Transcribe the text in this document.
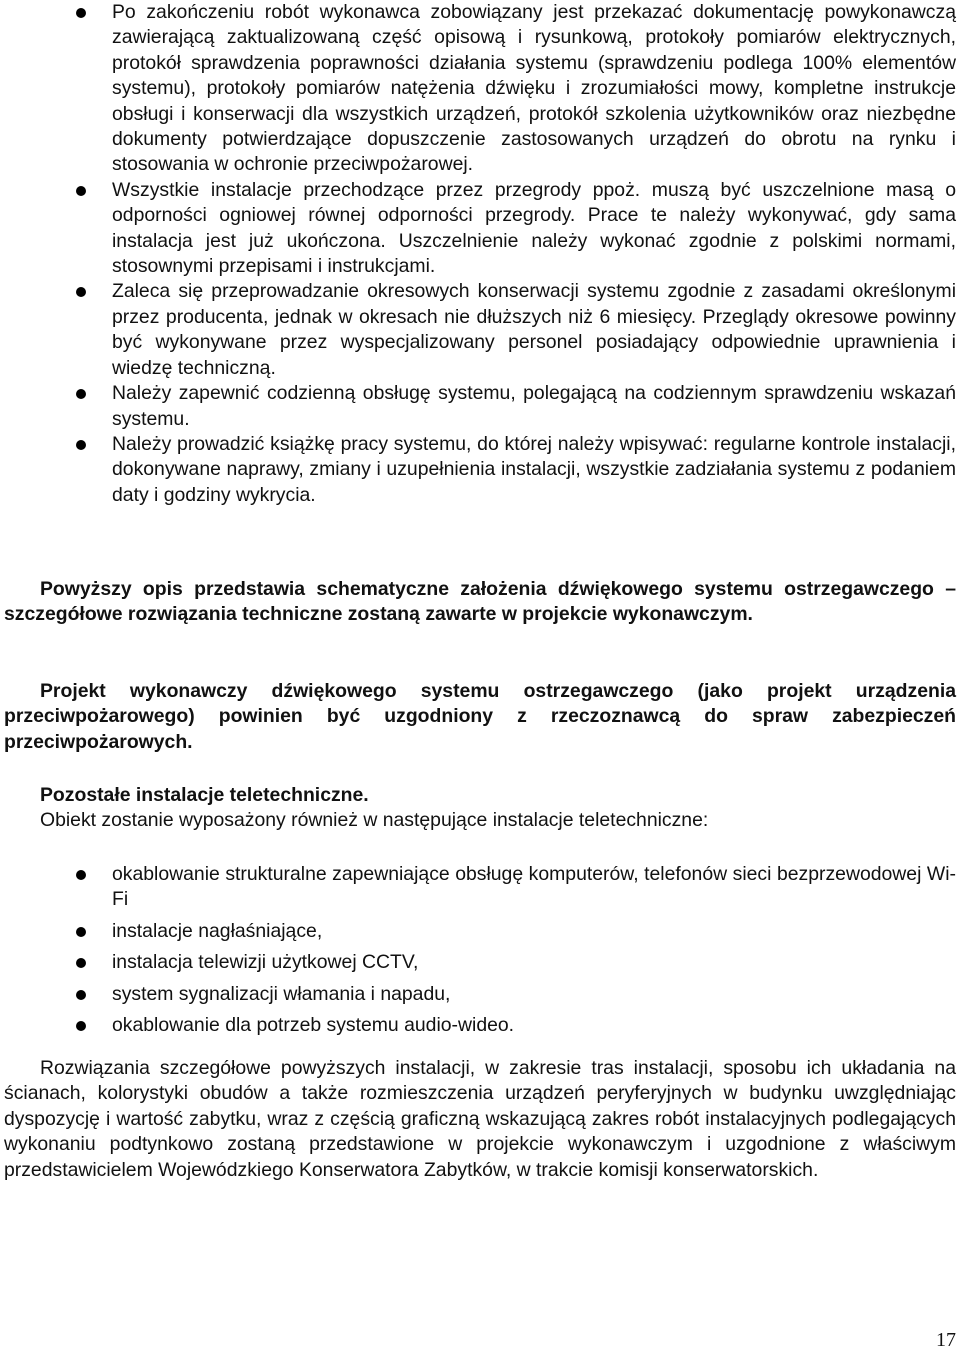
Po zakończeniu robót wykonawca zobowiązany jest przekazać dokumentację powykonawczą zawierającą zaktualizowaną część opisową i rysunkową, protokoły pomiarów elektrycznych, protokół sprawdzenia poprawności działania systemu (sprawdzeniu podlega 100% elementów systemu), protokoły pomiarów natężenia dźwięku i zrozumiałości mowy, kompletne instrukcje obsługi i konserwacji dla wszystkich urządzeń, protokół szkolenia użytkowników oraz niezbędne dokumenty potwierdzające dopuszczenie zastosowanych urządzeń do obrotu na rynku i stosowania w ochronie przeciwpożarowej.
Wszystkie instalacje przechodzące przez przegrody ppoż. muszą być uszczelnione masą o odporności ogniowej równej odporności przegrody. Prace te należy wykonywać, gdy sama instalacja jest już ukończona. Uszczelnienie należy wykonać zgodnie z polskimi normami, stosownymi przepisami i instrukcjami.
Zaleca się przeprowadzanie okresowych konserwacji systemu zgodnie z zasadami określonymi przez producenta, jednak w okresach nie dłuższych niż 6 miesięcy. Przeglądy okresowe powinny być wykonywane przez wyspecjalizowany personel posiadający odpowiednie uprawnienia i wiedzę techniczną.
Należy zapewnić codzienną obsługę systemu, polegającą na codziennym sprawdzeniu wskazań systemu.
Należy prowadzić książkę pracy systemu, do której należy wpisywać: regularne kontrole instalacji, dokonywane naprawy, zmiany i uzupełnienia instalacji, wszystkie zadziałania systemu z podaniem daty i godziny wykrycia.

Powyższy opis przedstawia schematyczne założenia dźwiękowego systemu ostrzegawczego – szczegółowe rozwiązania techniczne zostaną zawarte w projekcie wykonawczym.

Projekt wykonawczy dźwiękowego systemu ostrzegawczego (jako projekt urządzenia przeciwpożarowego) powinien być uzgodniony z rzeczoznawcą do spraw zabezpieczeń przeciwpożarowych.

Pozostałe instalacje teletechniczne.

Obiekt zostanie wyposażony również w następujące instalacje teletechniczne:

okablowanie strukturalne zapewniające obsługę komputerów, telefonów sieci bezprzewodowej Wi-Fi
instalacje nagłaśniające,
instalacja telewizji użytkowej CCTV,
system sygnalizacji włamania i napadu,
okablowanie dla potrzeb systemu audio-wideo.

Rozwiązania szczegółowe powyższych instalacji, w zakresie tras instalacji, sposobu ich układania na ścianach, kolorystyki obudów a także rozmieszczenia urządzeń peryferyjnych w budynku uwzględniając dyspozycję i wartość zabytku, wraz z częścią graficzną wskazującą zakres robót instalacyjnych podlegających wykonaniu podtynkowo zostaną przedstawione w projekcie wykonawczym i uzgodnione z właściwym przedstawicielem Wojewódzkiego Konserwatora Zabytków, w trakcie komisji konserwatorskich.

17
